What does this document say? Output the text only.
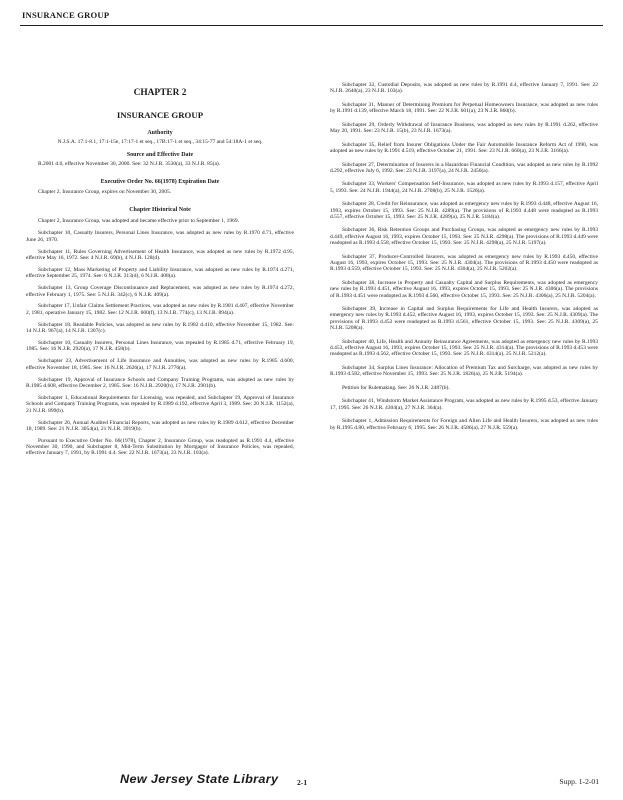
INSURANCE GROUP
CHAPTER 2
INSURANCE GROUP
Authority
N.J.S.A. 17:1-8.1, 17:1-15e, 17:17-1 et seq., 17B:17-1 et seq., 34:15-77 and 54:18A-1 et seq.
Source and Effective Date
R.2001 d.6, effective November 30, 2000. See: 32 N.J.R. 3530(a), 33 N.J.R. 85(a).
Executive Order No. 66(1978) Expiration Date
Chapter 2, Insurance Group, expires on November 30, 2005.
Chapter Historical Note

Chapter 2, Insurance Group, was adopted and became effective prior to September 1, 1969.

Subchapter 10, Casualty Insurers, Personal Lines Insurance, was adopted as new rules by R.1970 d.71, effective June 26, 1970.

Subchapter 11, Rules Governing Advertisement of Health Insurance, was adopted as new rules by R.1972 d.95, effective May 16, 1972. See: 4 N.J.R. 69(b), 4 N.J.R. 128(d).

Subchapter 12, Mass Marketing of Property and Liability Insurance, was adopted as new rules by R.1974 d.271, effective September 25, 1974. See: 6 N.J.R. 313(d), 6 N.J.R. 408(a).

Subchapter 13, Group Coverage Discontinuance and Replacement, was adopted as new rules by R.1974 d.272, effective February 1, 1975. See: 5 N.J.R. 342(c), 6 N.J.R. 409(a).

Subchapter 17, Unfair Claims Settlement Practices, was adopted as new rules by R.1981 d.407, effective November 2, 1981, operative January 15, 1982. See: 12 N.J.R. 600(f), 13 N.J.R. 774(c), 13 N.J.R. 894(a).

Subchapter 18, Readable Policies, was adopted as new rules by R.1982 d.410, effective November 15, 1982. See: 14 N.J.R. 967(a), 14 N.J.R. 1307(c).

Subchapter 10, Casualty Insurers, Personal Lines Insurance, was repealed by R.1985 d.71, effective February 19, 1985. See: 16 N.J.R. 2920(a), 17 N.J.R. 458(b).

Subchapter 23, Advertisement of Life Insurance and Annuities, was adopted as new rules by R.1985 d.600, effective November 18, 1985. See: 16 N.J.R. 2626(a), 17 N.J.R. 2776(a).

Subchapter 19, Approval of Insurance Schools and Company Training Programs, was adopted as new rules by R.1985 d.608, effective December 2, 1985. See: 16 N.J.R. 2920(b), 17 N.J.R. 2901(b).

Subchapter 1, Educational Requirements for Licensing, was repealed, and Subchapter 19, Approval of Insurance Schools and Company Training Programs, was repealed by R.1989 d.192, effective April 3, 1989. See: 20 N.J.R. 1152(a), 21 N.J.R. 899(b).

Subchapter 26, Annual Audited Financial Reports, was adopted as new rules by R.1989 d.612, effective December 18, 1989. See: 21 N.J.R. 3054(a), 21 N.J.R. 3919(b).

Pursuant to Executive Order No. 66(1978), Chapter 2, Insurance Group, was readopted as R.1991 d.4, effective November 30, 1990, and Subchapter 8, Mid-Term Substitution by Mortgagor of Insurance Policies, was repealed, effective January 7, 1991, by R.1991 d.4. See: 22 N.J.R. 1673(a), 23 N.J.R. 103(a).

Subchapter 32, Custodial Deposits, was adopted as new rules by R.1991 d.4, effective January 7, 1991. See: 22 N.J.R. 2640(a), 23 N.J.R. 103(a).

Subchapter 31, Manner of Determining Premium for Perpetual Homeowners Insurance, was adopted as new rules by R.1991 d.139, effective March 18, 1991. See: 22 N.J.R. 601(a), 23 N.J.R. 860(b).

Subchapter 29, Orderly Withdrawal of Insurance Business, was adopted as new rules by R.1991 d.262, effective May 20, 1991. See: 23 N.J.R. 15(b), 23 N.J.R. 1673(a).

Subchapter 35, Relief from Insurer Obligations Under the Fair Automobile Insurance Reform Act of 1990, was adopted as new rules by R.1991 d.519, effective October 21, 1991. See: 23 N.J.R. 660(a), 23 N.J.R. 3166(a).

Subchapter 27, Determination of Insurers in a Hazardous Financial Condition, was adopted as new rules by R.1992 d.292, effective July 6, 1992. See: 23 N.J.R. 3197(a), 24 N.J.R. 2456(a).

Subchapter 33, Workers' Compensation Self-Insurance, was adopted as new rules by R.1993 d.157, effective April 5, 1993. See: 24 N.J.R. 1944(a), 24 N.J.R. 2708(b), 25 N.J.R. 1526(a).

Subchapter 28, Credit for Reinsurance, was adopted as emergency new rules by R.1993 d.448, effective August 16, 1993, expires October 15, 1993. See: 25 N.J.R. 4289(a). The provisions of R.1993 d.448 were readopted as R.1993 d.557, effective October 15, 1993. See: 25 N.J.R. 4289(a), 25 N.J.R. 5184(a).

Subchapter 36, Risk Retention Groups and Purchasing Groups, was adopted as emergency new rules by R.1993 d.449, effective August 16, 1993, expires October 15, 1993. See: 25 N.J.R. 4298(a). The provisions of R.1993 d.449 were readopted as R.1993 d.558, effective October 15, 1993. See: 25 N.J.R. 4298(a), 25 N.J.R. 5197(a).

Subchapter 37, Producer-Controlled Insurers, was adopted as emergency new rules by R.1993 d.450, effective August 16, 1993, expires October 15, 1993. See: 25 N.J.R. 4304(a). The provisions of R.1993 d.450 were readopted as R.1993 d.559, effective October 15, 1993. See: 25 N.J.R. 4304(a), 25 N.J.R. 5202(a).

Subchapter 38, Increase in Property and Casualty Capital and Surplus Requirements, was adopted as emergency new rules by R.1993 d.451, effective August 16, 1993, expires October 15, 1993. See: 25 N.J.R. 4306(a). The provisions of R.1993 d.451 were readopted as R.1993 d.560, effective October 15, 1993. See: 25 N.J.R. 4306(a), 25 N.J.R. 5204(a).

Subchapter 39, Increase in Capital and Surplus Requirements for Life and Health Insurers, was adopted as emergency new rules by R.1993 d.452, effective August 16, 1993, expires October 15, 1993. See: 25 N.J.R. 4309(a). The provisions of R.1993 d.452 were readopted as R.1993 d.561, effective October 15, 1993. See: 25 N.J.R. 4309(a), 25 N.J.R. 5208(a).

Subchapter 40, Life, Health and Annuity Reinsurance Agreements, was adopted as emergency new rules by R.1993 d.453, effective August 16, 1993, expires October 15, 1993. See: 25 N.J.R. 4314(a). The provisions of R.1993 d.453 were readopted as R.1993 d.562, effective October 15, 1993. See: 25 N.J.R. 4314(a), 25 N.J.R. 5212(a).

Subchapter 34, Surplus Lines Insurance: Allocation of Premium Tax and Surcharge, was adopted as new rules by R.1993 d.582, effective November 15, 1993. See: 25 N.J.R. 1826(a), 25 N.J.R. 5194(a).

Petition for Rulemaking. See: 26 N.J.R. 2487(b).

Subchapter 41, Windstorm Market Assistance Program, was adopted as new rules by R.1995 d.53, effective January 17, 1995. See: 26 N.J.R. 4304(a), 27 N.J.R. 364(a).

Subchapter 1, Admission Requirements for Foreign and Alien Life and Health Insurers, was adopted as new rules by R.1995 d.80, effective February 6, 1995. See: 26 N.J.R. 4586(a), 27 N.J.R. 559(a).

New Jersey State Library 2-1	Supp. 1-2-01
